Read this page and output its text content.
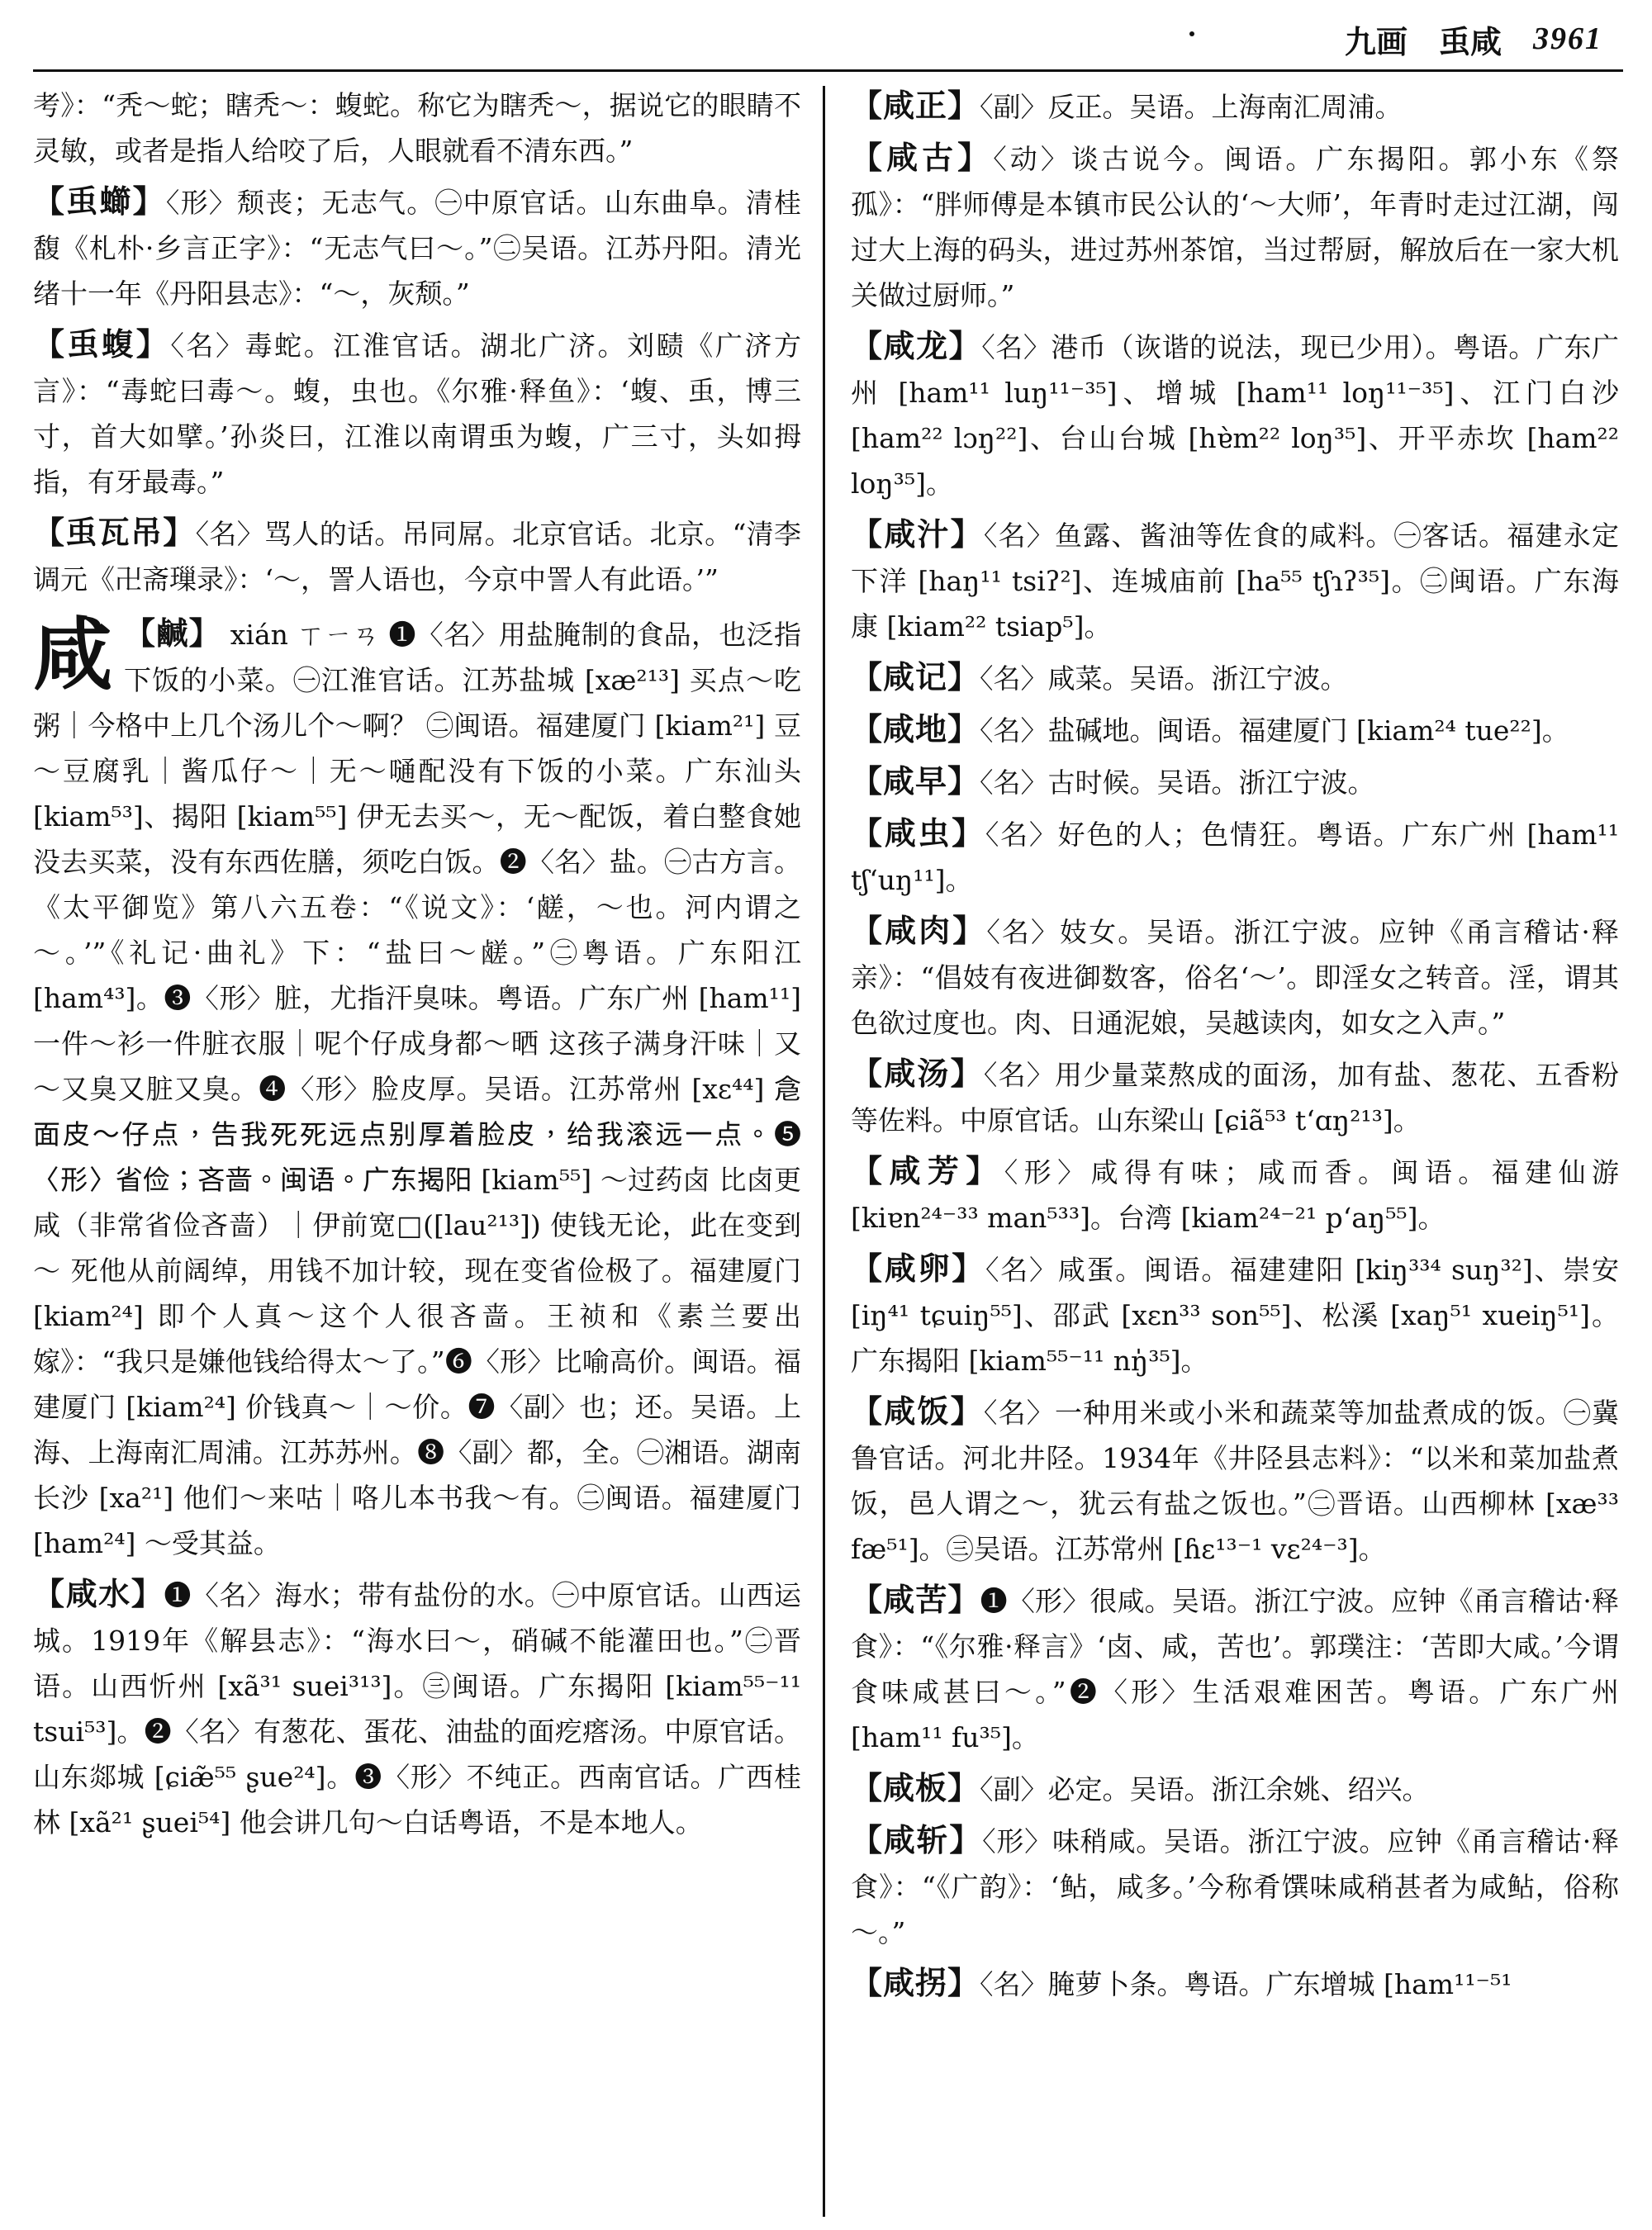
九画 䖝咸 3961
考》：“秃～蛇；瞎秃～：蝮蛇。称它为瞎秃～，据说它的眼睛不灵敏，或者是指人给咬了后，人眼就看不清东西。”
【䖝䗻】〈形〉颓丧；无志气。㊀中原官话。山东曲阜。清桂馥《札朴·乡言正字》：“无志气曰～。”㊁吴语。江苏丹阳。清光绪十一年《丹阳县志》：“～，灰颓。”
【䖝蝮】〈名〉毒蛇。江淮官话。湖北广济。刘赜《广济方言》：“毒蛇曰毒～。蝮，虫也。《尔雅·释鱼》：‘蝮、䖝，博三寸，首大如擘。’孙炎曰，江淮以南谓䖝为蝮，广三寸，头如拇指，有牙最毒。”
【䖝瓦吊】〈名〉骂人的话。吊同屌。北京官话。北京。“清李调元《卍斋璅录》：‘～，詈人语也，今京中詈人有此语。’”
咸 【鹹】 xián ㄒㄧㄢ ❶〈名〉用盐腌制的食品，也泛指下饭的小菜。㊀江淮官话。江苏盐城 [xæ²¹³] 买点～吃粥｜今格中上几个汤儿个～啊？ ㊁闽语。福建厦门 [kiam²¹] 豆～豆腐乳｜酱瓜仔～｜无～嗵配没有下饭的小菜。广东汕头 [kiam⁵³]、揭阳 [kiam⁵⁵] 伊无去买～，无～配饭，着白整食她没去买菜，没有东西佐膳，须吃白饭。❷〈名〉盐。㊀古方言。《太平御览》第八六五卷：“《说文》：‘鹾，～也。河内谓之～。’”《礼记·曲礼》下：“盐曰～鹾。”㊁粤语。广东阳江 [ham⁴³]。❸〈形〉脏，尤指汗臭味。粤语。广东广州 [ham¹¹] 一件～衫一件脏衣服｜呢个仔成身都～晒 这孩子满身汗味｜又～又臭又脏又臭。❹〈形〉脸皮厚。吴语。江苏常州 [xɛ⁴⁴] 𠉞面皮～仔点，告我死死远点别厚着脸皮，给我滚远一点。❺〈形〉省俭；吝啬。闽语。广东揭阳 [kiam⁵⁵] ～过药卤 比卤更咸（非常省俭吝啬）｜伊前宽□([lau²¹³]) 使钱无论，此在变到～ 死他从前阔绰，用钱不加计较，现在变省俭极了。福建厦门 [kiam²⁴] 即个人真～这个人很吝啬。王祯和《素兰要出嫁》：“我只是嫌他钱给得太～了。”❻〈形〉比喻高价。闽语。福建厦门 [kiam²⁴] 价钱真～｜～价。❼〈副〉也；还。吴语。上海、上海南汇周浦。江苏苏州。❽〈副〉都，全。㊀湘语。湖南长沙 [xa²¹] 他们～来咕｜咯儿本书我～有。㊁闽语。福建厦门 [ham²⁴] ～受其益。
【咸水】❶〈名〉海水；带有盐份的水。㊀中原官话。山西运城。1919年《解县志》：“海水曰～，硝碱不能灌田也。”㊁晋语。山西忻州 [xã³¹ suei³¹³]。㊂闽语。广东揭阳 [kiam⁵⁵⁻¹¹ tsui⁵³]。❷〈名〉有葱花、蛋花、油盐的面疙瘩汤。中原官话。山东郯城 [ɕiæ̃⁵⁵ ʂue²⁴]。❸〈形〉不纯正。西南官话。广西桂林 [xã²¹ ʂuei⁵⁴] 他会讲几句～白话粤语，不是本地人。
【咸正】〈副〉反正。吴语。上海南汇周浦。
【咸古】〈动〉谈古说今。闽语。广东揭阳。郭小东《祭孤》：“胖师傅是本镇市民公认的‘～大师’，年青时走过江湖，闯过大上海的码头，进过苏州茶馆，当过帮厨，解放后在一家大机关做过厨师。”
【咸龙】〈名〉港币（诙谐的说法，现已少用）。粤语。广东广州 [ham¹¹ luŋ¹¹⁻³⁵]、增城 [ham¹¹ loŋ¹¹⁻³⁵]、江门白沙 [ham²² lɔŋ²²]、台山台城 [hɐ̀m²² loŋ³⁵]、开平赤坎 [ham²² loŋ³⁵]。
【咸汁】〈名〉鱼露、酱油等佐食的咸料。㊀客话。福建永定下洋 [haŋ¹¹ tsiʔ²]、连城庙前 [ha⁵⁵ tʃɿʔ³⁵]。㊁闽语。广东海康 [kiam²² tsiap⁵]。
【咸记】〈名〉咸菜。吴语。浙江宁波。
【咸地】〈名〉盐碱地。闽语。福建厦门 [kiam²⁴ tue²²]。
【咸早】〈名〉古时候。吴语。浙江宁波。
【咸虫】〈名〉好色的人；色情狂。粤语。广东广州 [ham¹¹ tʃʻuŋ¹¹]。
【咸肉】〈名〉妓女。吴语。浙江宁波。应钟《甬言稽诂·释亲》：“倡妓有夜进御数客，俗名‘～’。即淫女之转音。淫，谓其色欲过度也。肉、日通泥娘，吴越读肉，如女之入声。”
【咸汤】〈名〉用少量菜熬成的面汤，加有盐、葱花、五香粉等佐料。中原官话。山东梁山 [ɕiã⁵³ tʻɑŋ²¹³]。
【咸芳】〈形〉咸得有味；咸而香。闽语。福建仙游 [kiɐn²⁴⁻³³ man⁵³³]。台湾 [kiam²⁴⁻²¹ pʻaŋ⁵⁵]。
【咸卵】〈名〉咸蛋。闽语。福建建阳 [kiŋ³³⁴ suŋ³²]、崇安 [iŋ⁴¹ tɕuiŋ⁵⁵]、邵武 [xɛn³³ son⁵⁵]、松溪 [xaŋ⁵¹ xueiŋ⁵¹]。广东揭阳 [kiam⁵⁵⁻¹¹ nŋ̍³⁵]。
【咸饭】〈名〉一种用米或小米和蔬菜等加盐煮成的饭。㊀冀鲁官话。河北井陉。1934年《井陉县志料》：“以米和菜加盐煮饭，邑人谓之～，犹云有盐之饭也。”㊁晋语。山西柳林 [xæ³³ fæ⁵¹]。㊂吴语。江苏常州 [ɦɛ¹³⁻¹ vɛ²⁴⁻³]。
【咸苦】❶〈形〉很咸。吴语。浙江宁波。应钟《甬言稽诂·释食》：“《尔雅·释言》‘卤、咸，苦也’。郭璞注：‘苦即大咸。’今谓食味咸甚曰～。”❷〈形〉生活艰难困苦。粤语。广东广州 [ham¹¹ fu³⁵]。
【咸板】〈副〉必定。吴语。浙江余姚、绍兴。
【咸斩】〈形〉味稍咸。吴语。浙江宁波。应钟《甬言稽诂·释食》：“《广韵》：‘鲇，咸多。’今称肴馔味咸稍甚者为咸鲇，俗称～。”
【咸拐】〈名〉腌萝卜条。粤语。广东增城 [ham¹¹⁻⁵¹
